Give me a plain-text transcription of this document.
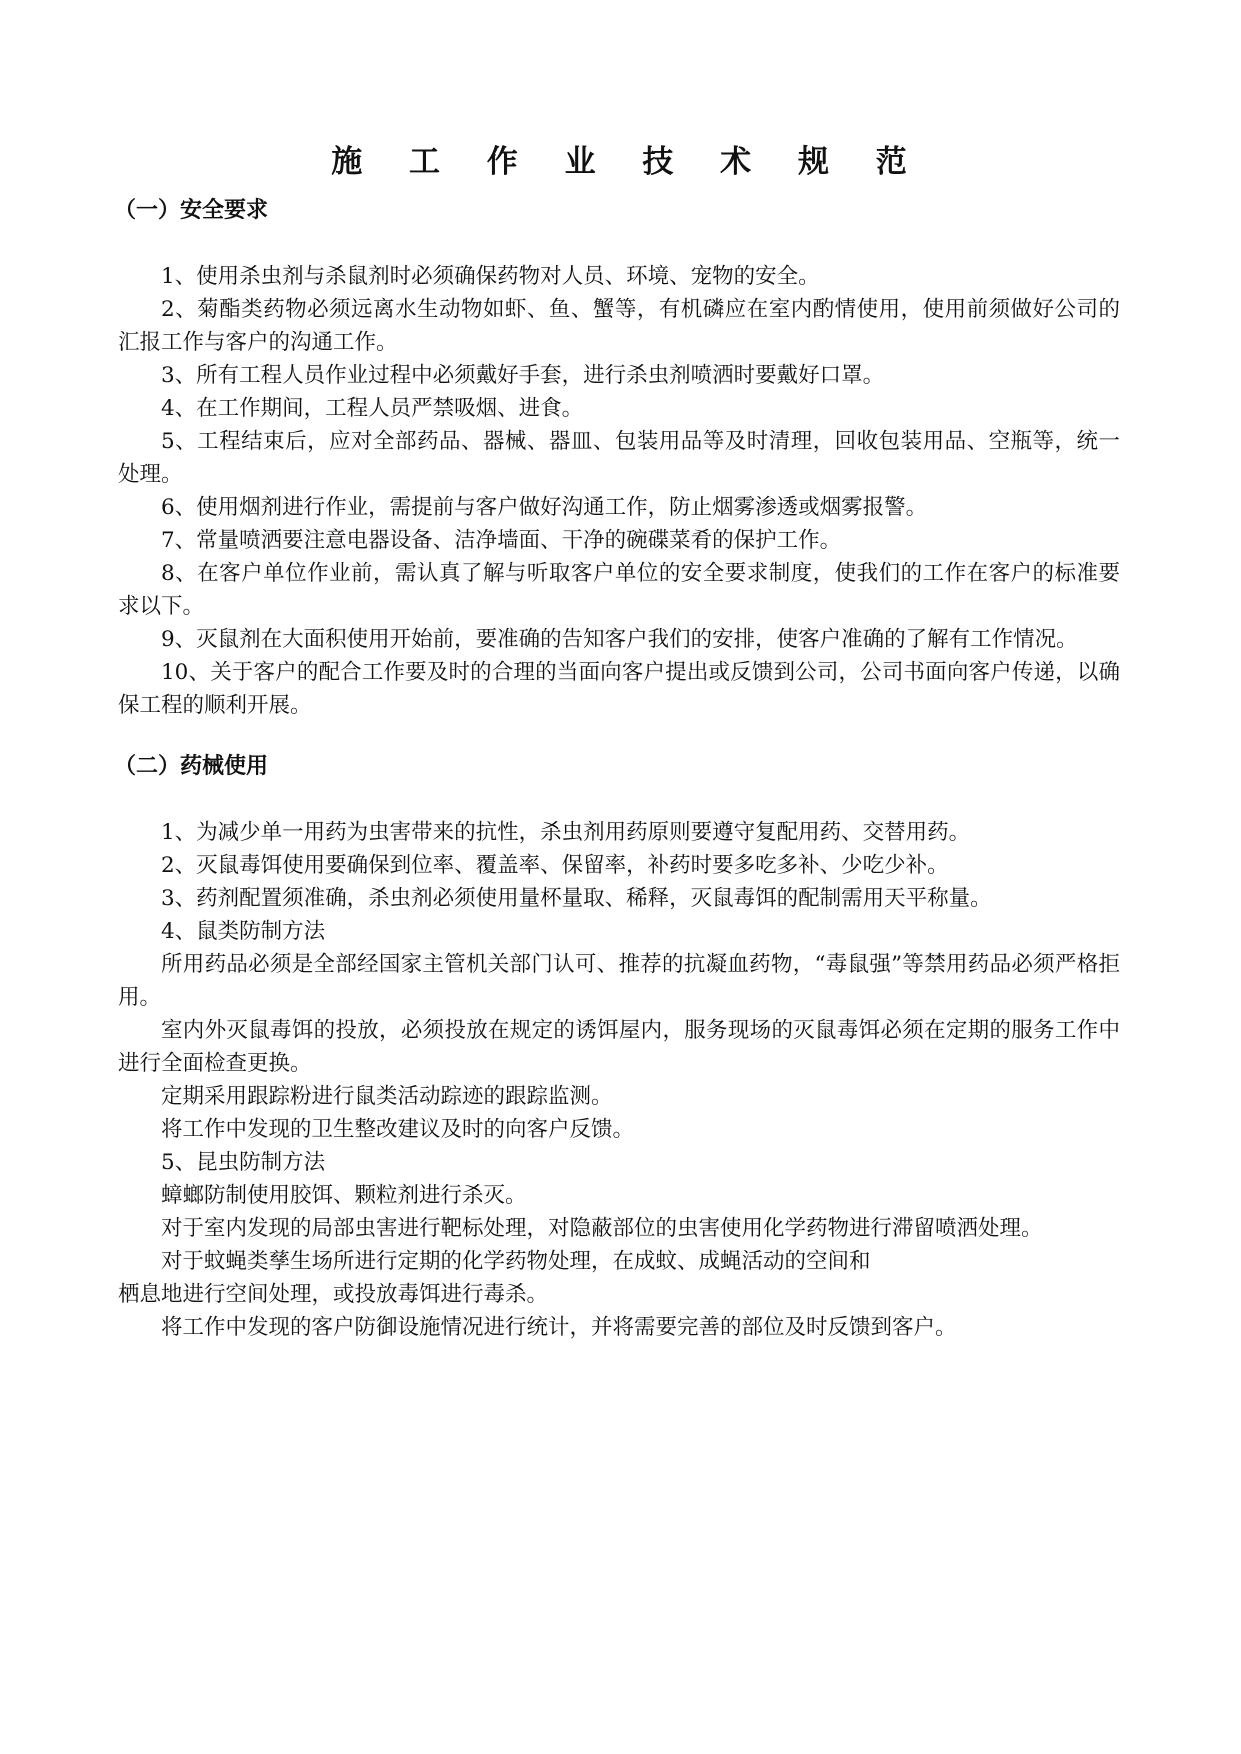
施 工 作 业 技 术 规 范
（一）安全要求

1、使用杀虫剂与杀鼠剂时必须确保药物对人员、环境、宠物的安全。

2、菊酯类药物必须远离水生动物如虾、鱼、蟹等，有机磷应在室内酌情使用，使用前须做好公司的汇报工作与客户的沟通工作。

3、所有工程人员作业过程中必须戴好手套，进行杀虫剂喷洒时要戴好口罩。

4、在工作期间，工程人员严禁吸烟、进食。

5、工程结束后，应对全部药品、器械、器皿、包装用品等及时清理，回收包装用品、空瓶等，统一处理。

6、使用烟剂进行作业，需提前与客户做好沟通工作，防止烟雾渗透或烟雾报警。

7、常量喷洒要注意电器设备、洁净墙面、干净的碗碟菜肴的保护工作。

8、在客户单位作业前，需认真了解与听取客户单位的安全要求制度，使我们的工作在客户的标准要求以下。

9、灭鼠剂在大面积使用开始前，要准确的告知客户我们的安排，使客户准确的了解有工作情况。

10、关于客户的配合工作要及时的合理的当面向客户提出或反馈到公司，公司书面向客户传递，以确保工程的顺利开展。

（二）药械使用

1、为减少单一用药为虫害带来的抗性，杀虫剂用药原则要遵守复配用药、交替用药。

2、灭鼠毒饵使用要确保到位率、覆盖率、保留率，补药时要多吃多补、少吃少补。

3、药剂配置须准确，杀虫剂必须使用量杯量取、稀释，灭鼠毒饵的配制需用天平称量。

4、鼠类防制方法

所用药品必须是全部经国家主管机关部门认可、推荐的抗凝血药物，“毒鼠强”等禁用药品必须严格拒用。

室内外灭鼠毒饵的投放，必须投放在规定的诱饵屋内，服务现场的灭鼠毒饵必须在定期的服务工作中进行全面检查更换。

定期采用跟踪粉进行鼠类活动踪迹的跟踪监测。

将工作中发现的卫生整改建议及时的向客户反馈。

5、昆虫防制方法

蟑螂防制使用胶饵、颗粒剂进行杀灭。

对于室内发现的局部虫害进行靶标处理，对隐蔽部位的虫害使用化学药物进行滞留喷洒处理。

对于蚊蝇类孳生场所进行定期的化学药物处理，在成蚊、成蝇活动的空间和

栖息地进行空间处理，或投放毒饵进行毒杀。

将工作中发现的客户防御设施情况进行统计，并将需要完善的部位及时反馈到客户。
